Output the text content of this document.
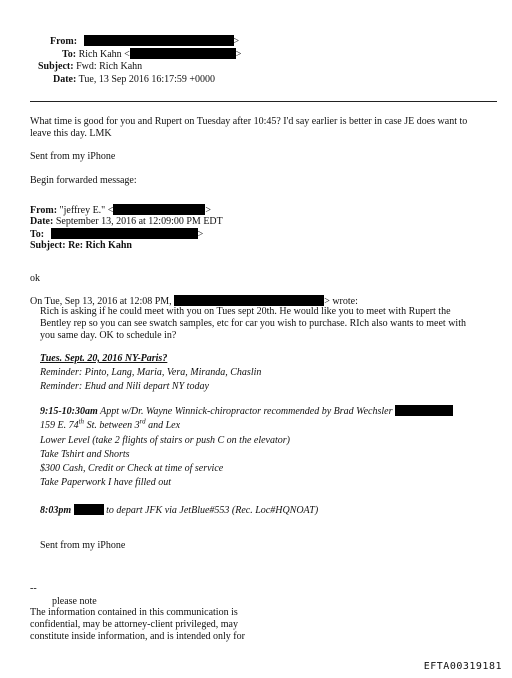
From:	>
To: Rich Kahn <	>
Subject: Fwd: Rich Kahn
Date: Tue, 13 Sep 2016 16:17:59 +0000
What time is good for you and Rupert on Tuesday after 10:45? I'd say earlier is better in case JE does want to
leave this day. LMK
Sent from my iPhone
Begin forwarded message:
From: "jeffrey E." <	>
Date: September 13, 2016 at 12:09:00 PM EDT
To:	>
Subject: Re: Rich Kahn
ok
On Tue, Sep 13, 2016 at 12:08 PM,	> wrote:
Rich is asking if he could meet with you on Tues sept 20th. He would like you to meet with Rupert the
Bentley rep so you can see swatch samples, etc for car you wish to purchase. RIch also wants to meet with
you same day. OK to schedule in?
Tues. Sept. 20, 2016 NY-Paris?
Reminder: Pinto, Lang, Maria, Vera, Miranda, Chaslin
Reminder: Ehud and Nili depart NY today
9:15-10:30am Appt w/Dr. Wayne Winnick-chiropractor recommended by Brad Wechsler
159 E. 74th St. between 3rd and Lex
Lower Level (take 2 flights of stairs or push C on the elevator)
Take Tshirt and Shorts
$300 Cash, Credit or Check at time of service
Take Paperwork I have filled out
8:03pm	to depart JFK via JetBlue#553 (Rec. Loc#HQNOAT)
Sent from my iPhone
--
please note
The information contained in this communication is
confidential, may be attorney-client privileged, may
constitute inside information, and is intended only for
EFTA00319181
